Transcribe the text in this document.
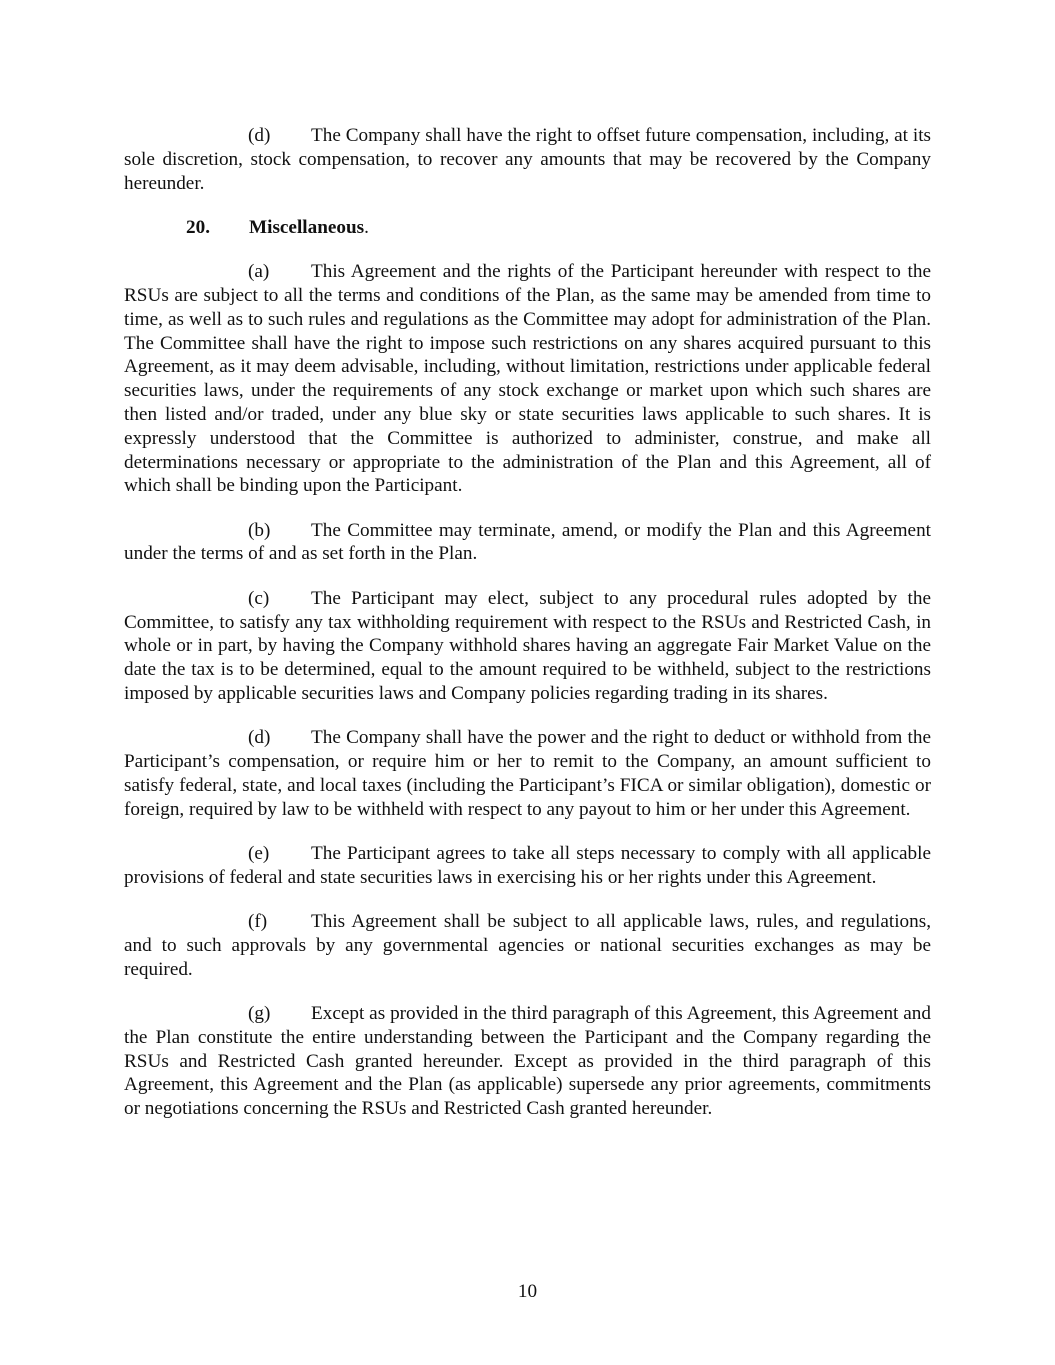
(d) The Company shall have the right to offset future compensation, including, at its sole discretion, stock compensation, to recover any amounts that may be recovered by the Company hereunder.

20. Miscellaneous.

(a) This Agreement and the rights of the Participant hereunder with respect to the RSUs are subject to all the terms and conditions of the Plan, as the same may be amended from time to time, as well as to such rules and regulations as the Committee may adopt for administration of the Plan. The Committee shall have the right to impose such restrictions on any shares acquired pursuant to this Agreement, as it may deem advisable, including, without limitation, restrictions under applicable federal securities laws, under the requirements of any stock exchange or market upon which such shares are then listed and/or traded, under any blue sky or state securities laws applicable to such shares. It is expressly understood that the Committee is authorized to administer, construe, and make all determinations necessary or appropriate to the administration of the Plan and this Agreement, all of which shall be binding upon the Participant.

(b) The Committee may terminate, amend, or modify the Plan and this Agreement under the terms of and as set forth in the Plan.

(c) The Participant may elect, subject to any procedural rules adopted by the Committee, to satisfy any tax withholding requirement with respect to the RSUs and Restricted Cash, in whole or in part, by having the Company withhold shares having an aggregate Fair Market Value on the date the tax is to be determined, equal to the amount required to be withheld, subject to the restrictions imposed by applicable securities laws and Company policies regarding trading in its shares.

(d) The Company shall have the power and the right to deduct or withhold from the Participant’s compensation, or require him or her to remit to the Company, an amount sufficient to satisfy federal, state, and local taxes (including the Participant’s FICA or similar obligation), domestic or foreign, required by law to be withheld with respect to any payout to him or her under this Agreement.

(e) The Participant agrees to take all steps necessary to comply with all applicable provisions of federal and state securities laws in exercising his or her rights under this Agreement.

(f) This Agreement shall be subject to all applicable laws, rules, and regulations, and to such approvals by any governmental agencies or national securities exchanges as may be required.

(g) Except as provided in the third paragraph of this Agreement, this Agreement and the Plan constitute the entire understanding between the Participant and the Company regarding the RSUs and Restricted Cash granted hereunder. Except as provided in the third paragraph of this Agreement, this Agreement and the Plan (as applicable) supersede any prior agreements, commitments or negotiations concerning the RSUs and Restricted Cash granted hereunder.

10
